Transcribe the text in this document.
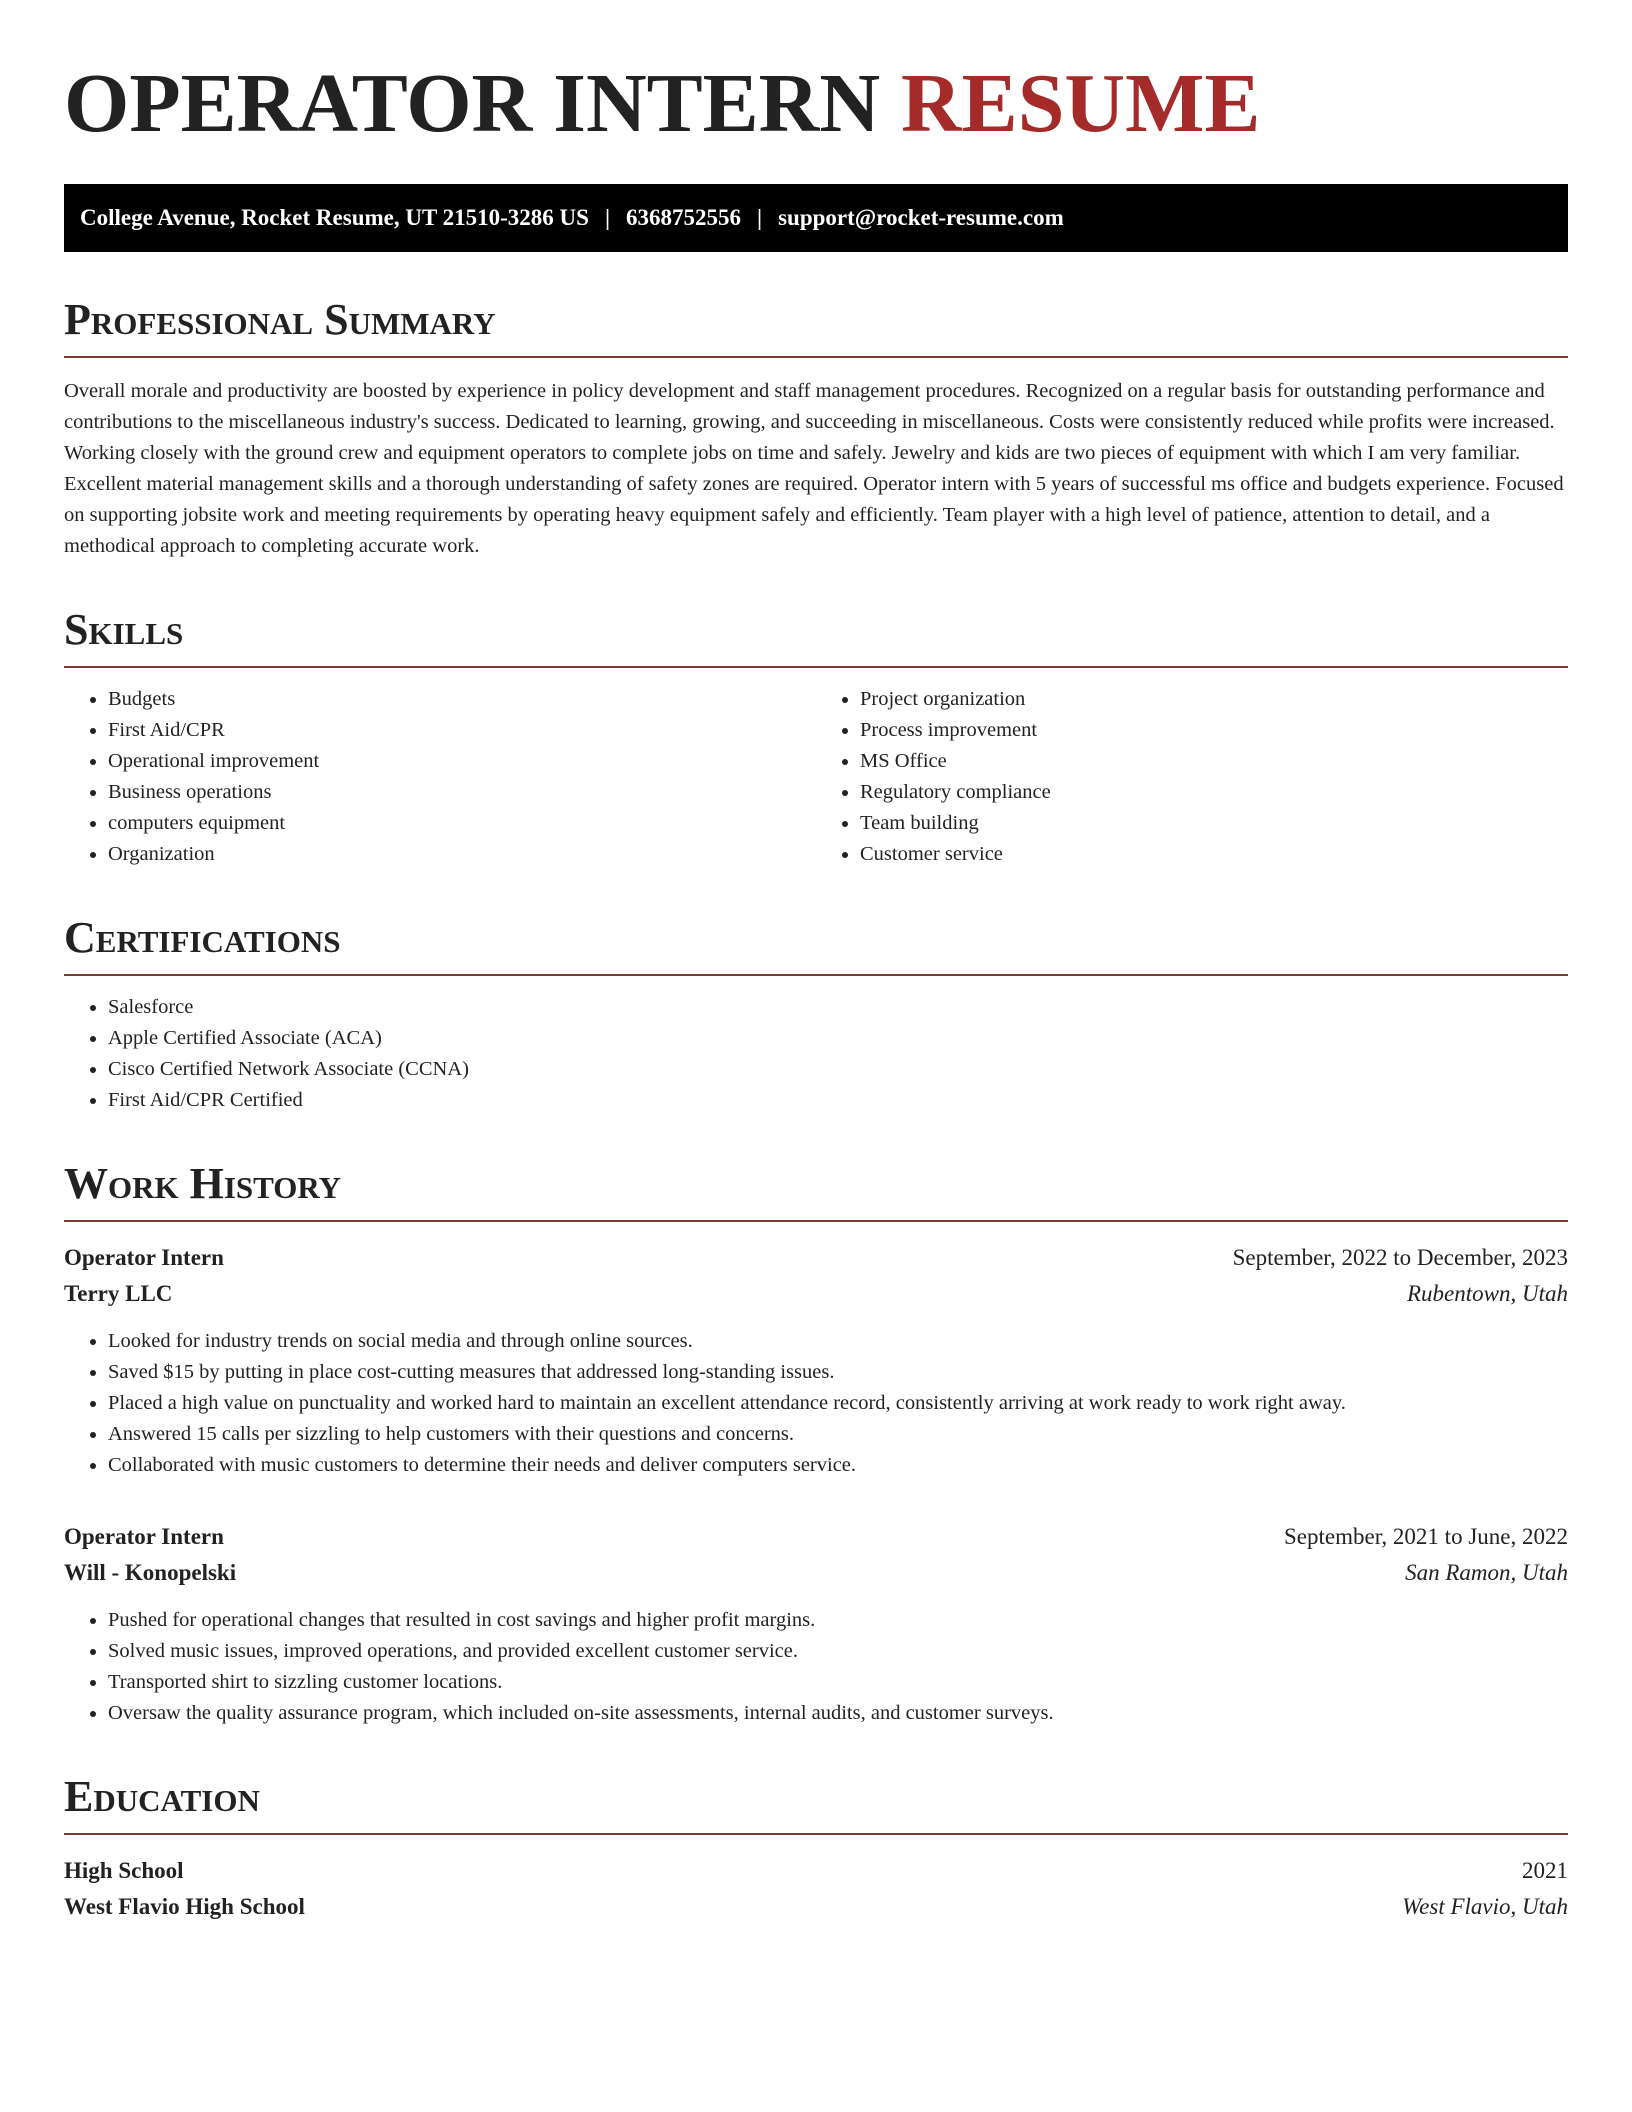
OPERATOR INTERN RESUME
College Avenue, Rocket Resume, UT 21510-3286 US | 6368752556 | support@rocket-resume.com
Professional Summary

Overall morale and productivity are boosted by experience in policy development and staff management procedures. Recognized on a regular basis for outstanding performance and contributions to the miscellaneous industry's success. Dedicated to learning, growing, and succeeding in miscellaneous. Costs were consistently reduced while profits were increased. Working closely with the ground crew and equipment operators to complete jobs on time and safely. Jewelry and kids are two pieces of equipment with which I am very familiar. Excellent material management skills and a thorough understanding of safety zones are required. Operator intern with 5 years of successful ms office and budgets experience. Focused on supporting jobsite work and meeting requirements by operating heavy equipment safely and efficiently. Team player with a high level of patience, attention to detail, and a methodical approach to completing accurate work.

Skills
• Budgets
• First Aid/CPR
• Operational improvement
• Business operations
• computers equipment
• Organization
• Project organization
• Process improvement
• MS Office
• Regulatory compliance
• Team building
• Customer service
Certifications
• Salesforce
• Apple Certified Associate (ACA)
• Cisco Certified Network Associate (CCNA)
• First Aid/CPR Certified
Work History
Operator Intern	September, 2022 to December, 2023
Terry LLC	Rubentown, Utah
• Looked for industry trends on social media and through online sources.
• Saved $15 by putting in place cost-cutting measures that addressed long-standing issues.
• Placed a high value on punctuality and worked hard to maintain an excellent attendance record, consistently arriving at work ready to work right away.
• Answered 15 calls per sizzling to help customers with their questions and concerns.
• Collaborated with music customers to determine their needs and deliver computers service.
Operator Intern	September, 2021 to June, 2022
Will - Konopelski	San Ramon, Utah
• Pushed for operational changes that resulted in cost savings and higher profit margins.
• Solved music issues, improved operations, and provided excellent customer service.
• Transported shirt to sizzling customer locations.
• Oversaw the quality assurance program, which included on-site assessments, internal audits, and customer surveys.
Education
High School	2021
West Flavio High School	West Flavio, Utah
